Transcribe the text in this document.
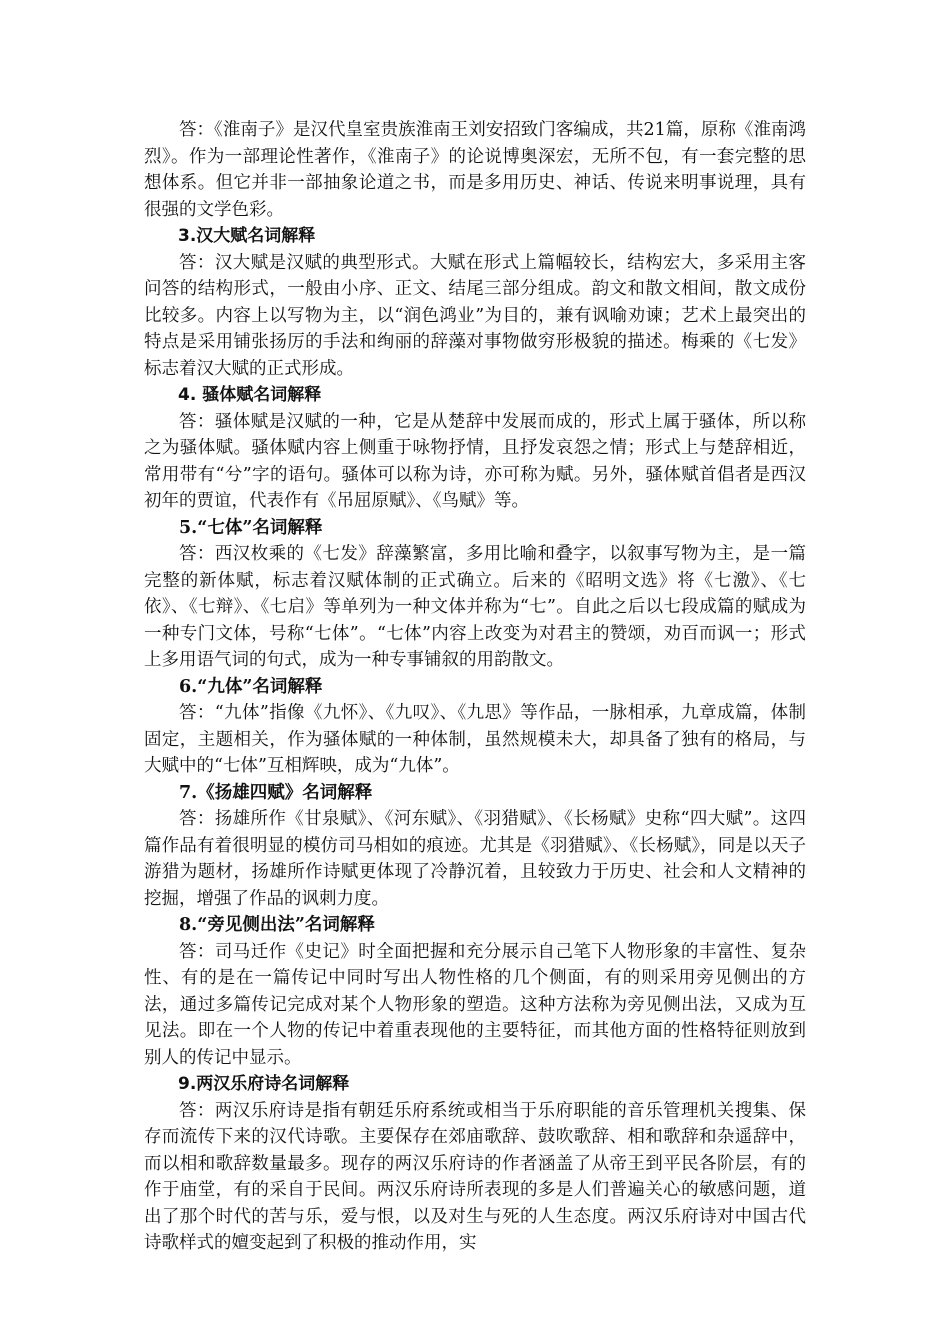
答：《淮南子》是汉代皇室贵族淮南王刘安招致门客编成，共21篇，原称《淮南鸿烈》。作为一部理论性著作，《淮南子》的论说博奥深宏，无所不包，有一套完整的思想体系。但它并非一部抽象论道之书，而是多用历史、神话、传说来明事说理，具有很强的文学色彩。

3.汉大赋名词解释

答：汉大赋是汉赋的典型形式。大赋在形式上篇幅较长，结构宏大，多采用主客问答的结构形式，一般由小序、正文、结尾三部分组成。韵文和散文相间，散文成份比较多。内容上以写物为主，以“润色鸿业”为目的，兼有讽喻劝谏；艺术上最突出的特点是采用铺张扬厉的手法和绚丽的辞藻对事物做穷形极貌的描述。梅乘的《七发》标志着汉大赋的正式形成。

4. 骚体赋名词解释

答：骚体赋是汉赋的一种，它是从楚辞中发展而成的，形式上属于骚体，所以称之为骚体赋。骚体赋内容上侧重于咏物抒情，且抒发哀怨之情；形式上与楚辞相近，常用带有“兮”字的语句。骚体可以称为诗，亦可称为赋。另外，骚体赋首倡者是西汉初年的贾谊，代表作有《吊屈原赋》、《鸟赋》等。

5.“七体”名词解释

答：西汉枚乘的《七发》辞藻繁富，多用比喻和叠字，以叙事写物为主，是一篇完整的新体赋，标志着汉赋体制的正式确立。后来的《昭明文选》将《七激》、《七依》、《七辩》、《七启》等单列为一种文体并称为“七”。自此之后以七段成篇的赋成为一种专门文体，号称“七体”。“七体”内容上改变为对君主的赞颂，劝百而讽一；形式上多用语气词的句式，成为一种专事铺叙的用韵散文。

6.“九体”名词解释

答：“九体”指像《九怀》、《九叹》、《九思》等作品，一脉相承，九章成篇，体制固定，主题相关，作为骚体赋的一种体制，虽然规模未大，却具备了独有的格局，与大赋中的“七体”互相辉映，成为“九体”。

7.《扬雄四赋》名词解释

答：扬雄所作《甘泉赋》、《河东赋》、《羽猎赋》、《长杨赋》史称“四大赋”。这四篇作品有着很明显的模仿司马相如的痕迹。尤其是《羽猎赋》、《长杨赋》，同是以天子游猎为题材，扬雄所作诗赋更体现了冷静沉着，且较致力于历史、社会和人文精神的挖掘，增强了作品的讽刺力度。

8.“旁见侧出法”名词解释

答：司马迁作《史记》时全面把握和充分展示自己笔下人物形象的丰富性、复杂性、有的是在一篇传记中同时写出人物性格的几个侧面，有的则采用旁见侧出的方法，通过多篇传记完成对某个人物形象的塑造。这种方法称为旁见侧出法，又成为互见法。即在一个人物的传记中着重表现他的主要特征，而其他方面的性格特征则放到别人的传记中显示。

9.两汉乐府诗名词解释

答：两汉乐府诗是指有朝廷乐府系统或相当于乐府职能的音乐管理机关搜集、保存而流传下来的汉代诗歌。主要保存在郊庙歌辞、鼓吹歌辞、相和歌辞和杂遥辞中，而以相和歌辞数量最多。现存的两汉乐府诗的作者涵盖了从帝王到平民各阶层，有的作于庙堂，有的采自于民间。两汉乐府诗所表现的多是人们普遍关心的敏感问题，道出了那个时代的苦与乐，爱与恨，以及对生与死的人生态度。两汉乐府诗对中国古代诗歌样式的嬗变起到了积极的推动作用，实
